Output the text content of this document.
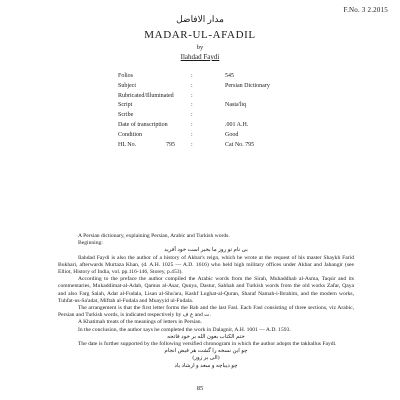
F.No. 3 2.2015
مدار الافاضل
MADAR-UL-AFADIL
by
Ilahdad Faydi
Folios	:	545
Subject	:	Persian Dictionary
Rubricated/Illuminated	:
Script	:	Nasta'liq
Scribe	:
Date of transcription	:	.001 A.H.
Condition	:	Good
HL No.	795	:	Cat No. 795

A Persian dictionary, explaining Persian, Arabic and Turkish words.

Beginning:

بی نام تو روز ما بخیر است خود آفرید

Ilahdad Faydi is also the author of a history of Akbar's reign, which he wrote at the request of his master Shaykh Farid Bukhari, afterwards Murtaza Khan, (d. A.H. 1025 — A.D. 1616) who held high military offices under Akbar and Jahangir (see Elliot, History of India, vol. pp.116-146, Storey, p.453).

According to the preface the author compiled the Arabic words from the Sirah, Muhaddhab al-Asma, Taqsir and its commentaries, Mukaddimat-al-Adab, Qamus al-Asar, Qunya, Dastur, Sahhah and Turkish words from the old works Zafar, Qaya and also Farg Salah, Adat al-Fudala, Lisan al-Shu'ara, Kashf Lughat-al-Quran, Sharaf Namah-i-Ibrahim, and the modern works, Tuhfat-us-Sa'adat, Miftah al-Fudala and Muayyid ul-Fudala.

The arrangement is that the first letter forms the Bab and the last Fasl. Each Fasl consisting of three sections, viz Arabic, Persian and Turkish words, is indicated respectively by ع ف and ت.

A Khatimah treats of the meanings of letters in Persian.

In the conclusion, the author says he completed the work in Dalagnir, A.H. 1001 — A.D. 1593.

ختم الكتاب بعون الله بر خود فاتحه

The date is further supported by the following versified chronogram in which the author adopts the takhallus Faydi.

چو این نسخه را گشت هر فیض انجام

(الی بر زور)

چو دیباچه و سعد و ارشاد یاد

85
